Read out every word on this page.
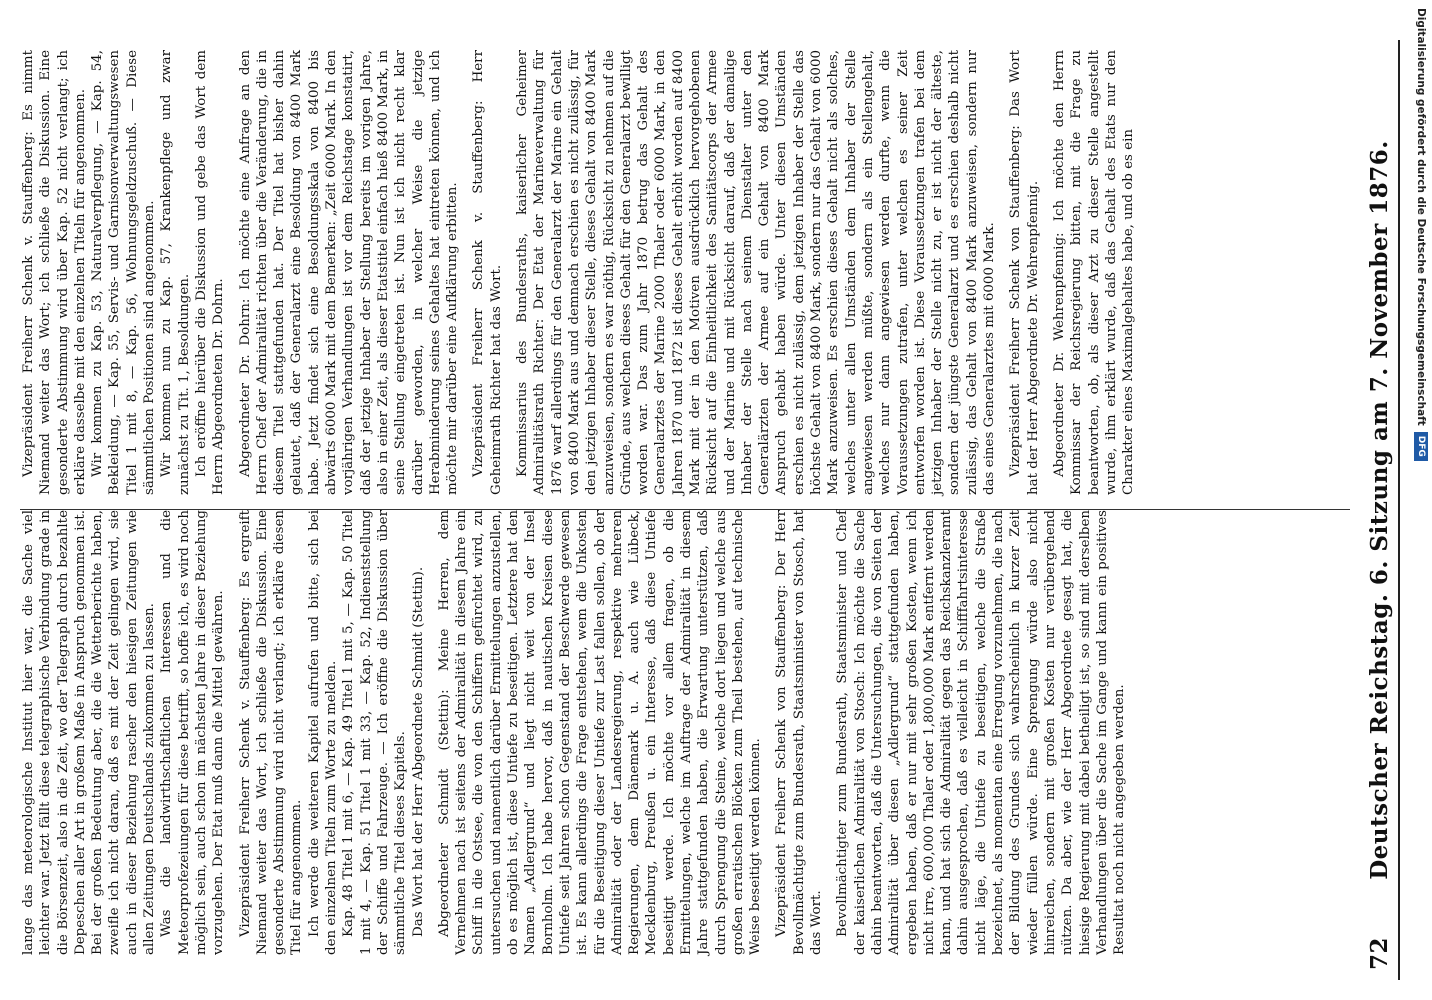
72
Deutscher Reichstag. 6. Sitzung am 7. November 1876.

lange das meteorologische Institut hier war, die Sache viel leichter war. Jetzt fällt diese telegraphische Verbindung grade in die Börsenzeit, also in die Zeit, wo der Telegraph durch bezahlte Depeschen aller Art in großem Maße in Anspruch genommen ist. Bei der großen Bedeutung aber, die die Wetterberichte haben, zweifle ich nicht daran, daß es mit der Zeit gelingen wird, sie auch in dieser Beziehung rascher den hiesigen Zeitungen wie allen Zeitungen Deutschlands zukommen zu lassen. Was die landwirthschaftlichen Interessen und die Meteorprofezeiungen für diese betrifft, so hoffe ich, es wird noch möglich sein, auch schon im nächsten Jahre in dieser Beziehung vorzugehen. Der Etat muß dann die Mittel gewähren. Vizepräsident Freiherr Schenk v. Stauffenberg: Es ergreift Niemand weiter das Wort, ich schließe die Diskussion. Eine gesonderte Abstimmung wird nicht verlangt; ich erkläre diesen Titel für angenommen. Ich werde die weiteren Kapitel aufrufen und bitte, sich bei den einzelnen Titeln zum Worte zu melden. Kap. 48 Titel 1 mit 6, — Kap. 49 Titel 1 mit 5, — Kap. 50 Titel 1 mit 4, — Kap. 51 Titel 1 mit 33, — Kap. 52, Indienststellung der Schiffe und Fahrzeuge. — Ich eröffne die Diskussion über sämmtliche Titel dieses Kapitels. Das Wort hat der Herr Abgeordnete Schmidt (Stettin). Abgeordneter Schmidt (Stettin): Meine Herren, dem Vernehmen nach ist seitens der Admiralität in diesem Jahre ein Schiff in die Ostsee, die von den Schiffern gefürchtet wird, zu untersuchen und namentlich darüber Ermittelungen anzustellen, ob es möglich ist, diese Untiefe zu beseitigen. Letztere hat den Namen „Adlergrund“ und liegt nicht weit von der Insel Bornholm. Ich habe hervor, daß in nautischen Kreisen diese Untiefe seit Jahren schon Gegenstand der Beschwerde gewesen ist. Es kann allerdings die Frage entstehen, wem die Unkosten für die Beseitigung dieser Untiefe zur Last fallen sollen, ob der Admiralität oder der Landesregierung, respektive mehreren Regierungen, dem Dänemark u. A. auch wie Lübeck, Mecklenburg, Preußen u. ein Interesse, daß diese Untiefe beseitigt werde. Ich möchte vor allem fragen, ob die Ermittelungen, welche im Auftrage der Admiralität in diesem Jahre stattgefunden haben, die Erwartung unterstützen, daß durch Sprengung die Steine, welche dort liegen und welche aus großen erratischen Blöcken zum Theil bestehen, auf technische Weise beseitigt werden können. Vizepräsident Freiherr Schenk von Stauffenberg: Der Herr Bevollmächtigte zum Bundesrath, Staatsminister von Stosch, hat das Wort. Bevollmächtigter zum Bundesrath, Staatsminister und Chef der kaiserlichen Admiralität von Stosch: Ich möchte die Sache dahin beantworten, daß die Untersuchungen, die von Seiten der Admiralität über diesen „Adlergrund“ stattgefunden haben, ergeben haben, daß er nur mit sehr großen Kosten, wenn ich nicht irre, 600,000 Thaler oder 1,800,000 Mark entfernt werden kann, und hat sich die Admiralität gegen das Reichskanzleramt dahin ausgesprochen, daß es vielleicht in Schifffahrtsinteresse nicht läge, die Untiefe zu beseitigen, welche die Straße bezeichnet, als momentan eine Erregung vorzunehmen, die nach der Bildung des Grundes sich wahrscheinlich in kurzer Zeit wieder füllen würde. Eine Sprengung würde also nicht hinreichen, sondern mit großen Kosten nur verübergehend nützen. Da aber, wie der Herr Abgeordnete gesagt hat, die hiesige Regierung mit dabei betheiligt ist, so sind mit derselben Verhandlungen über die Sache im Gange und kann ein positives Resultat noch nicht angegeben werden.

Vizepräsident Freiherr Schenk v. Stauffenberg: Es nimmt Niemand weiter das Wort; ich schließe die Diskussion. Eine gesonderte Abstimmung wird über Kap. 52 nicht verlangt; ich erkläre dasselbe mit den einzelnen Titeln für angenommen. Wir kommen zu Kap. 53, Naturalverpflegung, — Kap. 54, Bekleidung, — Kap. 55, Servis- und Garnisonverwaltungswesen Titel 1 mit 8, — Kap. 56, Wohnungsgeldzuschuß. — Diese sämmtlichen Positionen sind angenommen. Wir kommen nun zu Kap. 57, Krankenpflege und zwar zunächst zu Tit. 1, Besoldungen. Ich eröffne hierüber die Diskussion und gebe das Wort dem Herrn Abgeordneten Dr. Dohrn. Abgeordneter Dr. Dohrn: Ich möchte eine Anfrage an den Herrn Chef der Admiralität richten über die Veränderung, die in diesem Titel stattgefunden hat. Der Titel hat bisher dahin gelautet, daß der Generalarzt eine Besoldung von 8400 Mark habe. Jetzt findet sich eine Besoldungsskala von 8400 bis abwärts 6000 Mark mit dem Bemerken: „Zeit 6000 Mark. In den vorjährigen Verhandlungen ist vor dem Reichstage konstatirt, daß der jetzige Inhaber der Stellung bereits im vorigen Jahre, also in einer Zeit, als dieser Etatstitel einfach hieß 8400 Mark, in seine Stellung eingetreten ist. Nun ist ich nicht recht klar darüber geworden, in welcher Weise die jetzige Herabminderung seines Gehaltes hat eintreten können, und ich möchte mir darüber eine Aufklärung erbitten. Vizepräsident Freiherr Schenk v. Stauffenberg: Herr Geheimrath Richter hat das Wort. Kommissarius des Bundesraths, kaiserlicher Geheimer Admiralitätsrath Richter: Der Etat der Marineverwaltung für 1876 warf allerdings für den Generalarzt der Marine ein Gehalt von 8400 Mark aus und demnach erschien es nicht zulässig, für den jetzigen Inhaber dieser Stelle, dieses Gehalt von 8400 Mark anzuweisen, sondern es war nöthig, Rücksicht zu nehmen auf die Gründe, aus welchen dieses Gehalt für den Generalarzt bewilligt worden war. Das zum Jahr 1870 betrug das Gehalt des Generalarztes der Marine 2000 Thaler oder 6000 Mark, in den Jahren 1870 und 1872 ist dieses Gehalt erhöht worden auf 8400 Mark mit der in den Motiven ausdrücklich hervorgehobenen Rücksicht auf die Einheitlichkeit des Sanitätscorps der Armee und der Marine und mit Rücksicht darauf, daß der damalige Inhaber der Stelle nach seinem Dienstalter unter den Generalärzten der Armee auf ein Gehalt von 8400 Mark Anspruch gehabt haben würde. Unter diesen Umständen erschien es nicht zulässig, dem jetzigen Inhaber der Stelle das höchste Gehalt von 8400 Mark, sondern nur das Gehalt von 6000 Mark anzuweisen. Es erschien dieses Gehalt nicht als solches, welches unter allen Umständen dem Inhaber der Stelle angewiesen werden müßte, sondern als ein Stellengehalt, welches nur dann angewiesen werden durfte, wenn die Voraussetzungen zutrafen, unter welchen es seiner Zeit entworfen worden ist. Diese Voraussetzungen trafen bei dem jetzigen Inhaber der Stelle nicht zu, er ist nicht der älteste, sondern der jüngste Generalarzt und es erschien deshalb nicht zulässig, das Gehalt von 8400 Mark anzuweisen, sondern nur das eines Generalarztes mit 6000 Mark. Vizepräsident Freiherr Schenk von Stauffenberg: Das Wort hat der Herr Abgeordnete Dr. Wehrenpfennig. Abgeordneter Dr. Wehrenpfennig: Ich möchte den Herrn Kommissar der Reichsregierung bitten, mit die Frage zu beantworten, ob, als dieser Arzt zu dieser Stelle angestellt wurde, ihm erklärt wurde, daß das Gehalt des Etats nur den Charakter eines Maximalgehaltes habe, und ob es ein	Digitalisierung gefördert durch die Deutsche ForschungsgemeinschaftDFG
